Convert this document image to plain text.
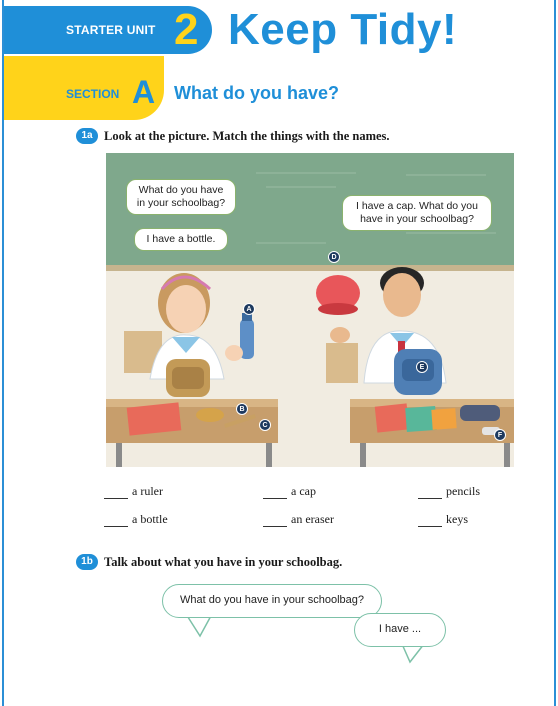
STARTER UNIT 2 Keep Tidy!
SECTION A What do you have?
1a Look at the picture. Match the things with the names.
What do you have in your schoolbag?
I have a bottle.
I have a cap. What do you have in your schoolbag?
A
B
C
D
E
F
a ruler	a cap	pencils
a bottle	an eraser	keys
1b Talk about what you have in your schoolbag.
What do you have in your schoolbag?
I have ...
